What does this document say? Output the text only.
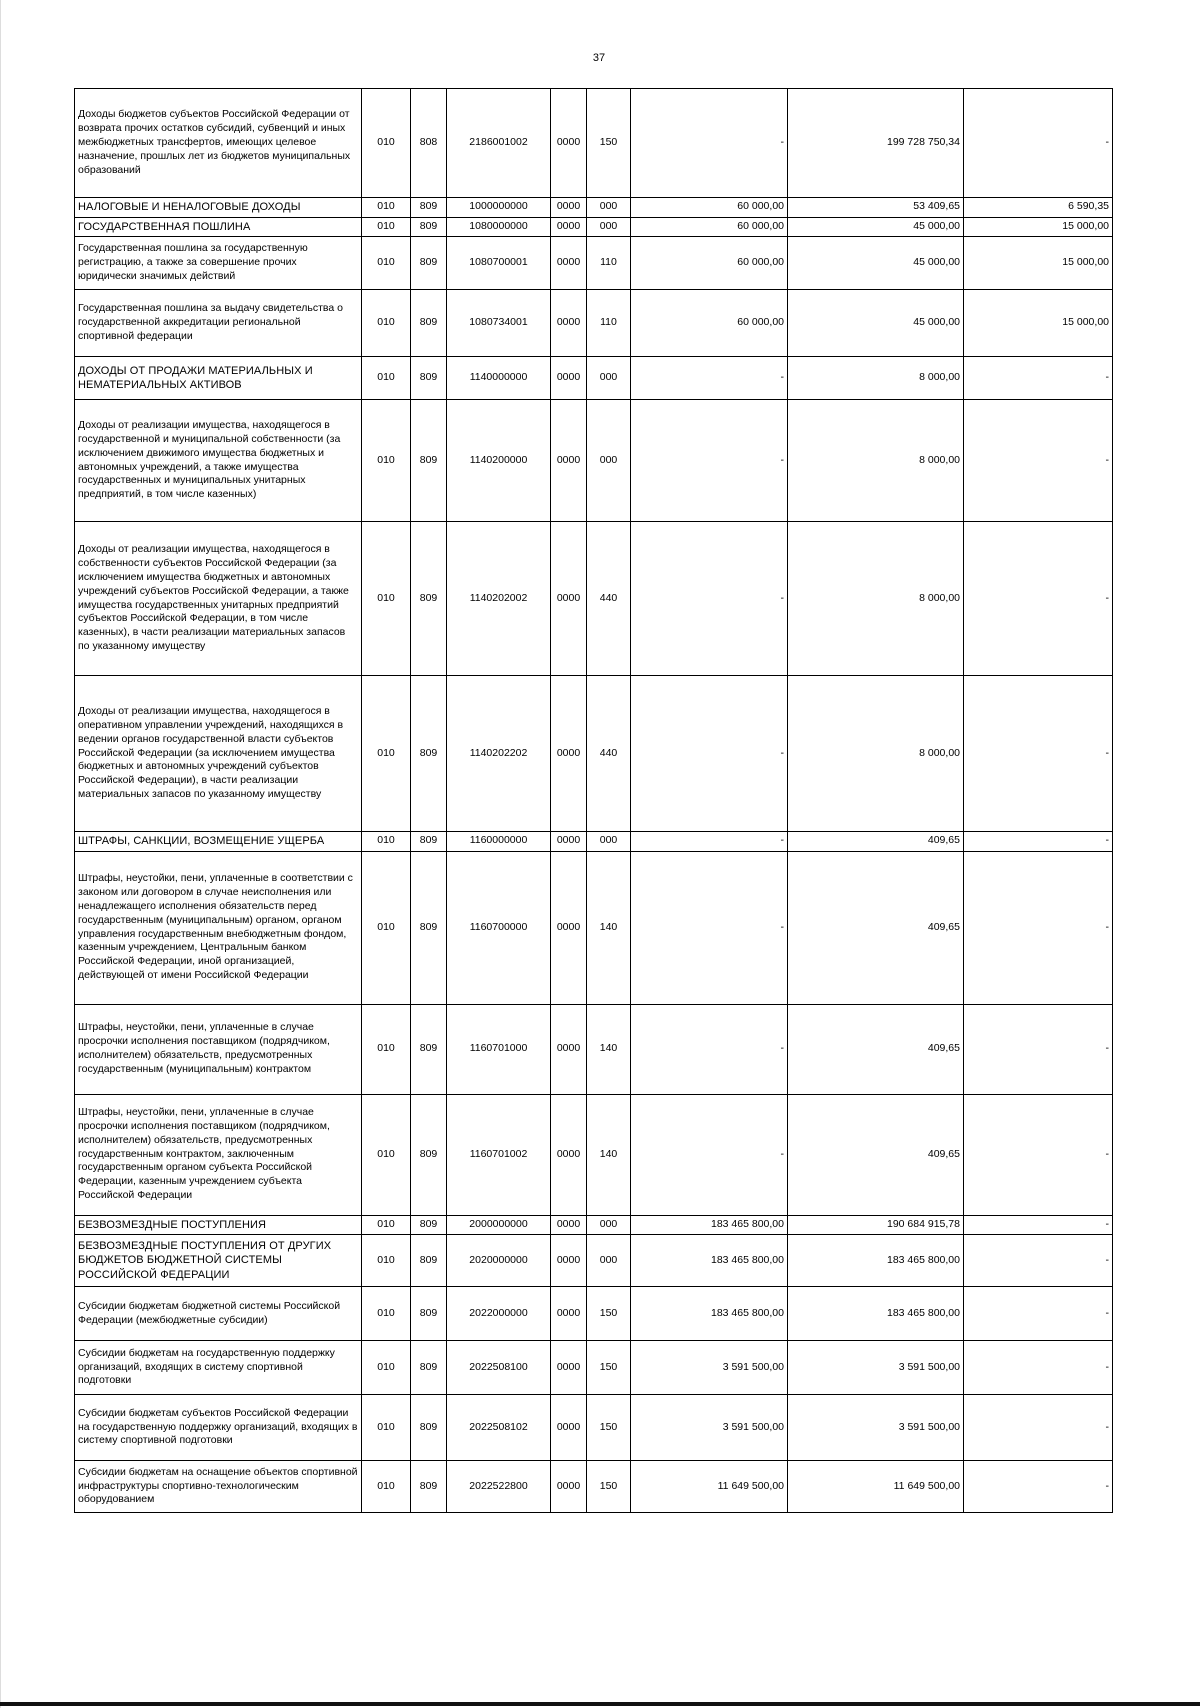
37
Доходы бюджетов субъектов Российской Федерации от возврата прочих остатков субсидий, субвенций и иных межбюджетных трансфертов, имеющих целевое назначение, прошлых лет из бюджетов муниципальных образований	010	808	2186001002	0000	150	-	199 728 750,34	-
НАЛОГОВЫЕ И НЕНАЛОГОВЫЕ ДОХОДЫ	010	809	1000000000	0000	000	60 000,00	53 409,65	6 590,35
ГОСУДАРСТВЕННАЯ ПОШЛИНА	010	809	1080000000	0000	000	60 000,00	45 000,00	15 000,00
Государственная пошлина за государственную регистрацию, а также за совершение прочих юридически значимых действий	010	809	1080700001	0000	110	60 000,00	45 000,00	15 000,00
Государственная пошлина за выдачу свидетельства о государственной аккредитации региональной спортивной федерации	010	809	1080734001	0000	110	60 000,00	45 000,00	15 000,00
ДОХОДЫ ОТ ПРОДАЖИ МАТЕРИАЛЬНЫХ И НЕМАТЕРИАЛЬНЫХ АКТИВОВ	010	809	1140000000	0000	000	-	8 000,00	-
Доходы от реализации имущества, находящегося в государственной и муниципальной собственности (за исключением движимого имущества бюджетных и автономных учреждений, а также имущества государственных и муниципальных унитарных предприятий, в том числе казенных)	010	809	1140200000	0000	000	-	8 000,00	-
Доходы от реализации имущества, находящегося в собственности субъектов Российской Федерации (за исключением имущества бюджетных и автономных учреждений субъектов Российской Федерации, а также имущества государственных унитарных предприятий субъектов Российской Федерации, в том числе казенных), в части реализации материальных запасов по указанному имуществу	010	809	1140202002	0000	440	-	8 000,00	-
Доходы от реализации имущества, находящегося в оперативном управлении учреждений, находящихся в ведении органов государственной власти субъектов Российской Федерации (за исключением имущества бюджетных и автономных учреждений субъектов Российской Федерации), в части реализации материальных запасов по указанному имуществу	010	809	1140202202	0000	440	-	8 000,00	-
ШТРАФЫ, САНКЦИИ, ВОЗМЕЩЕНИЕ УЩЕРБА	010	809	1160000000	0000	000	-	409,65	-
Штрафы, неустойки, пени, уплаченные в соответствии с законом или договором в случае неисполнения или ненадлежащего исполнения обязательств перед государственным (муниципальным) органом, органом управления государственным внебюджетным фондом, казенным учреждением, Центральным банком Российской Федерации, иной организацией, действующей от имени Российской Федерации	010	809	1160700000	0000	140	-	409,65	-
Штрафы, неустойки, пени, уплаченные в случае просрочки исполнения поставщиком (подрядчиком, исполнителем) обязательств, предусмотренных государственным (муниципальным) контрактом	010	809	1160701000	0000	140	-	409,65	-
Штрафы, неустойки, пени, уплаченные в случае просрочки исполнения поставщиком (подрядчиком, исполнителем) обязательств, предусмотренных государственным контрактом, заключенным государственным органом субъекта Российской Федерации, казенным учреждением субъекта Российской Федерации	010	809	1160701002	0000	140	-	409,65	-
БЕЗВОЗМЕЗДНЫЕ ПОСТУПЛЕНИЯ	010	809	2000000000	0000	000	183 465 800,00	190 684 915,78	-
БЕЗВОЗМЕЗДНЫЕ ПОСТУПЛЕНИЯ ОТ ДРУГИХ БЮДЖЕТОВ БЮДЖЕТНОЙ СИСТЕМЫ РОССИЙСКОЙ ФЕДЕРАЦИИ	010	809	2020000000	0000	000	183 465 800,00	183 465 800,00	-
Субсидии бюджетам бюджетной системы Российской Федерации (межбюджетные субсидии)	010	809	2022000000	0000	150	183 465 800,00	183 465 800,00	-
Субсидии бюджетам на государственную поддержку организаций, входящих в систему спортивной подготовки	010	809	2022508100	0000	150	3 591 500,00	3 591 500,00	-
Субсидии бюджетам субъектов Российской Федерации на государственную поддержку организаций, входящих в систему спортивной подготовки	010	809	2022508102	0000	150	3 591 500,00	3 591 500,00	-
Субсидии бюджетам на оснащение объектов спортивной инфраструктуры спортивно-технологическим оборудованием	010	809	2022522800	0000	150	11 649 500,00	11 649 500,00	-
